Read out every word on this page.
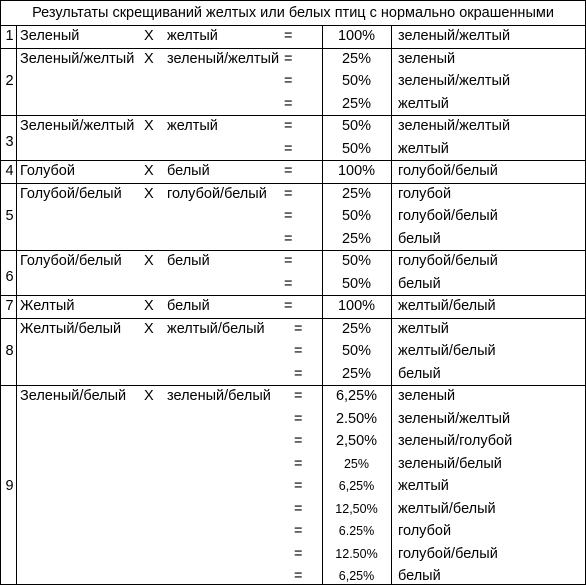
Результаты скрещиваний желтых или белых птиц с нормально окрашенными
1 Зеленый	Х желтый	=	100%	зеленый/желтый
2
Зеленый/желтый Х зеленый/желтый =	25%	зеленый
=	50%	зеленый/желтый
=	25%	желтый
3
Зеленый/желтый Х желтый	=	50%	зеленый/желтый
=	50%	желтый
4 Голубой	Х белый	=	100%	голубой/белый
5
Голубой/белый Х голубой/белый =	25%	голубой
=	50%	голубой/белый
=	25%	белый
6
Голубой/белый Х белый	=	50%	голубой/белый
=	50%	белый
7 Желтый	Х белый	=	100%	желтый/белый
8
Желтый/белый Х желтый/белый =	25%	желтый
=	50%	желтый/белый
=	25%	белый
9
Зеленый/белый Х зеленый/белый =	6,25%	зеленый
=	2.50%	зеленый/желтый
=	2,50%	зеленый/голубой
=	25%	зеленый/белый
=	6,25%	желтый
=	12,50%	желтый/белый
=	6.25%	голубой
=	12.50%	голубой/белый
=	6,25%	белый
